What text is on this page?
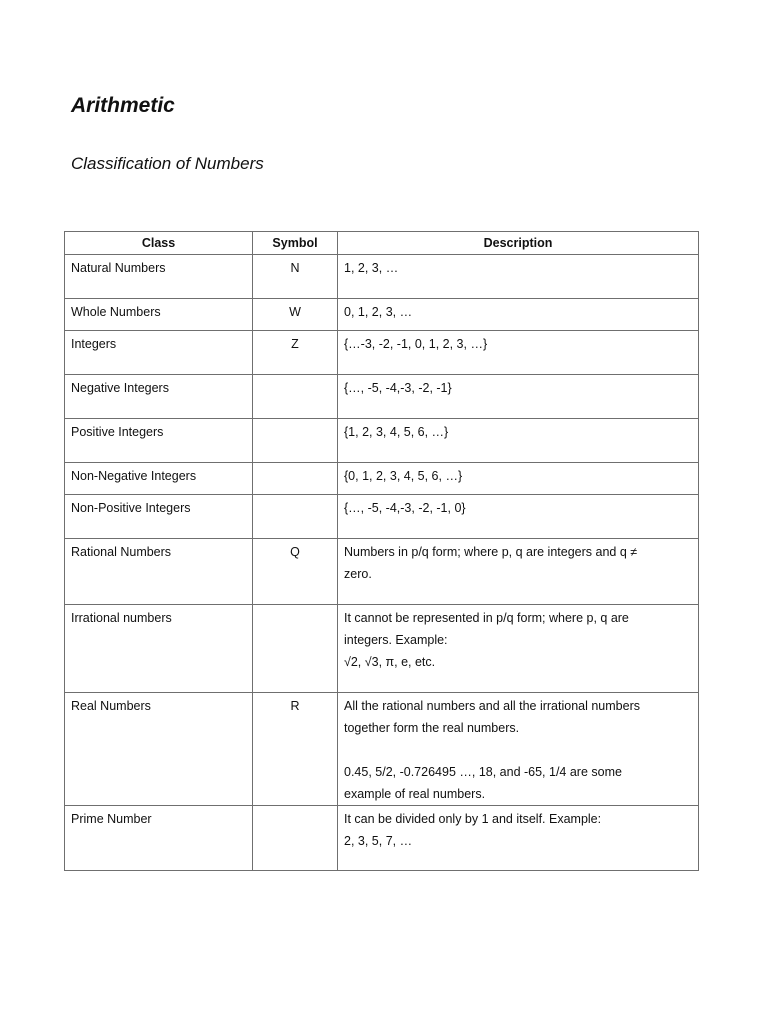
Arithmetic
Classification of Numbers
Class	Symbol	Description
Natural Numbers	N	1, 2, 3, …

Whole Numbers	W	0, 1, 2, 3, …

Integers	Z	{…-3, -2, -1, 0, 1, 2, 3, …}

Negative Integers		{…, -5, -4,-3, -2, -1}

Positive Integers		{1, 2, 3, 4, 5, 6, …}

Non-Negative Integers		{0, 1, 2, 3, 4, 5, 6, …}

Non-Positive Integers		{…, -5, -4,-3, -2, -1, 0}

Rational Numbers	Q	Numbers in p/q form; where p, q are integers and q ≠
zero.

Irrational numbers		It cannot be represented in p/q form; where p, q are
integers. Example:
√2, √3, π, e, etc.

Real Numbers	R	All the rational numbers and all the irrational numbers
together form the real numbers.
0.45, 5/2, -0.726495 …, 18, and -65, 1/4 are some
example of real numbers.

Prime Number		It can be divided only by 1 and itself. Example:
2, 3, 5, 7, …
